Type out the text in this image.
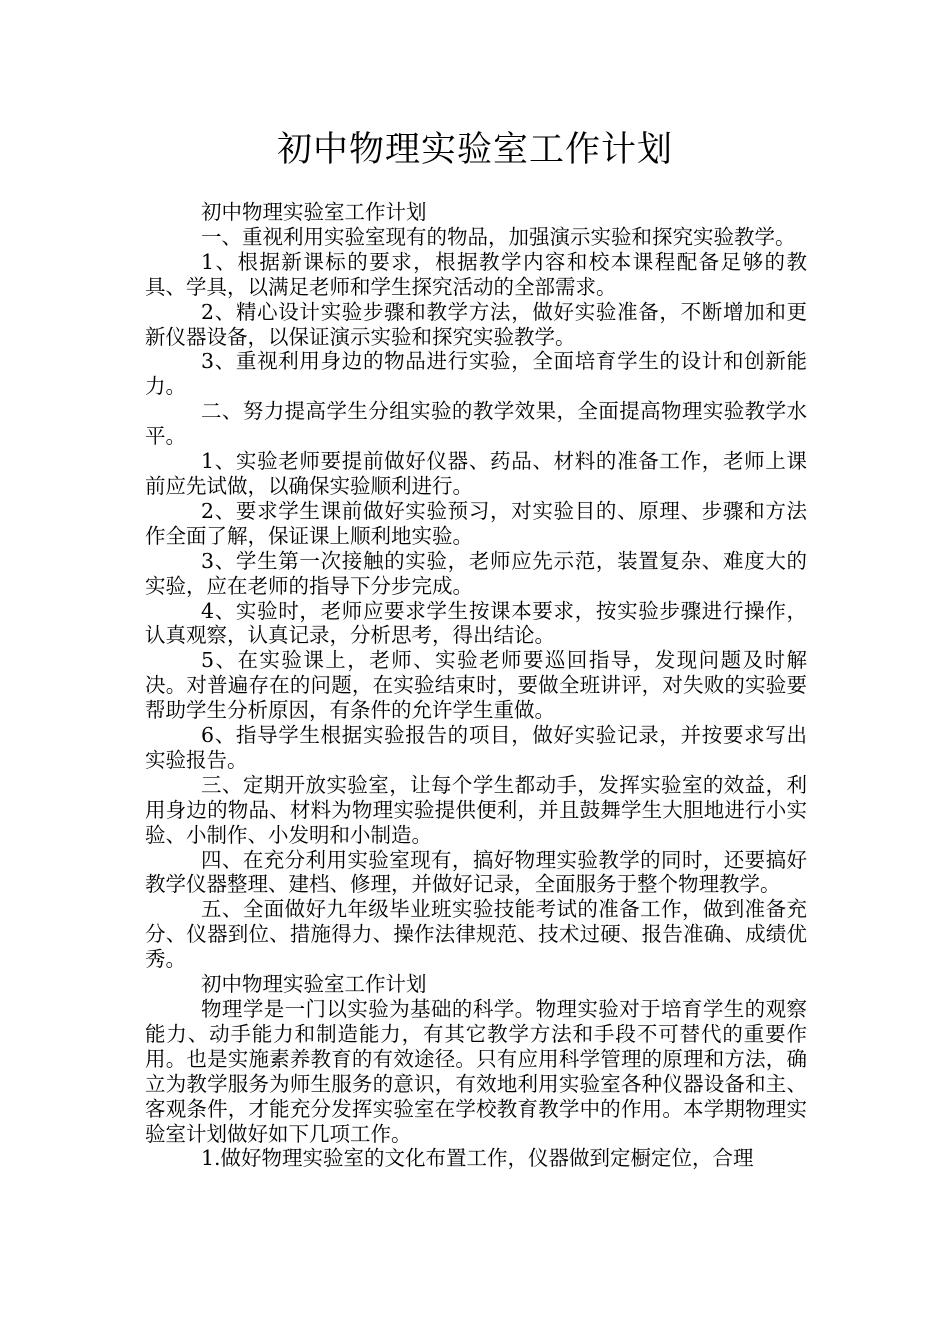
初中物理实验室工作计划

初中物理实验室工作计划

一、重视利用实验室现有的物品，加强演示实验和探究实验教学。

1、根据新课标的要求，根据教学内容和校本课程配备足够的教具、学具，以满足老师和学生探究活动的全部需求。

2、精心设计实验步骤和教学方法，做好实验准备，不断增加和更新仪器设备，以保证演示实验和探究实验教学。

3、重视利用身边的物品进行实验，全面培育学生的设计和创新能力。

二、努力提高学生分组实验的教学效果，全面提高物理实验教学水平。

1、实验老师要提前做好仪器、药品、材料的准备工作，老师上课前应先试做，以确保实验顺利进行。

2、要求学生课前做好实验预习，对实验目的、原理、步骤和方法作全面了解，保证课上顺利地实验。

3、学生第一次接触的实验，老师应先示范，装置复杂、难度大的实验，应在老师的指导下分步完成。

4、实验时，老师应要求学生按课本要求，按实验步骤进行操作，认真观察，认真记录，分析思考，得出结论。

5、在实验课上，老师、实验老师要巡回指导，发现问题及时解决。对普遍存在的问题，在实验结束时，要做全班讲评，对失败的实验要帮助学生分析原因，有条件的允许学生重做。

6、指导学生根据实验报告的项目，做好实验记录，并按要求写出实验报告。

三、定期开放实验室，让每个学生都动手，发挥实验室的效益，利用身边的物品、材料为物理实验提供便利，并且鼓舞学生大胆地进行小实验、小制作、小发明和小制造。

四、在充分利用实验室现有，搞好物理实验教学的同时，还要搞好教学仪器整理、建档、修理，并做好记录，全面服务于整个物理教学。

五、全面做好九年级毕业班实验技能考试的准备工作，做到准备充分、仪器到位、措施得力、操作法律规范、技术过硬、报告准确、成绩优秀。

初中物理实验室工作计划

物理学是一门以实验为基础的科学。物理实验对于培育学生的观察能力、动手能力和制造能力，有其它教学方法和手段不可替代的重要作用。也是实施素养教育的有效途径。只有应用科学管理的原理和方法，确立为教学服务为师生服务的意识，有效地利用实验室各种仪器设备和主、客观条件，才能充分发挥实验室在学校教育教学中的作用。本学期物理实验室计划做好如下几项工作。

1.做好物理实验室的文化布置工作，仪器做到定橱定位，合理
